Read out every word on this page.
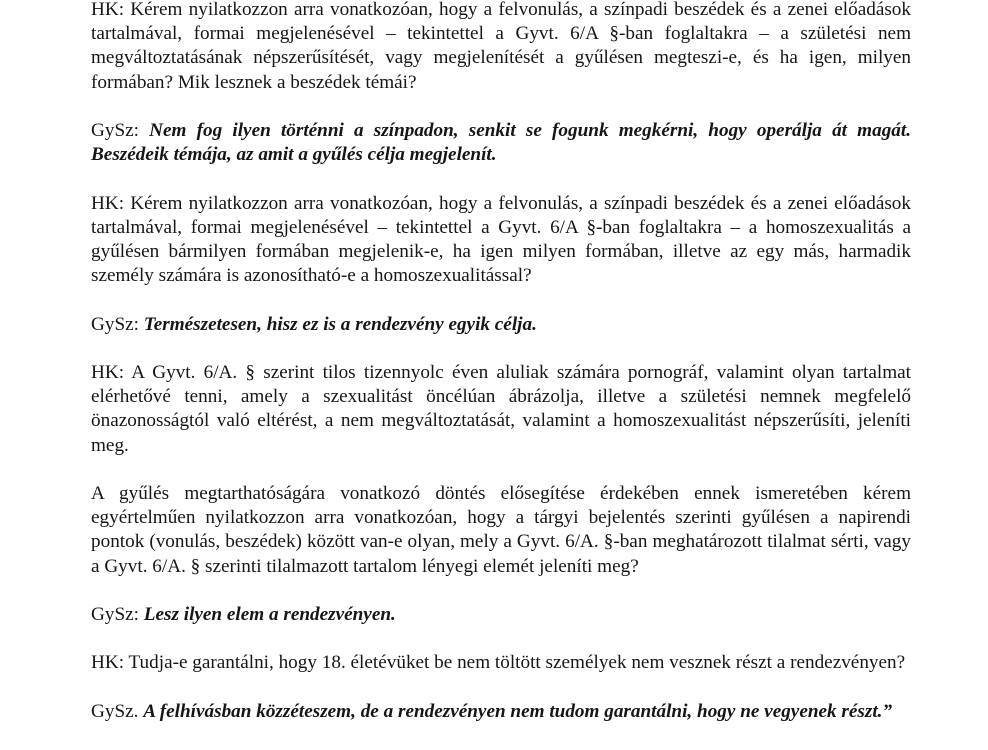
HK: Kérem nyilatkozzon arra vonatkozóan, hogy a felvonulás, a színpadi beszédek és a zenei előadások tartalmával, formai megjelenésével – tekintettel a Gyvt. 6/A §-ban foglaltakra – a születési nem megváltoztatásának népszerűsítését, vagy megjelenítését a gyűlésen megteszi-e, és ha igen, milyen formában? Mik lesznek a beszédek témái?

GySz: Nem fog ilyen történni a színpadon, senkit se fogunk megkérni, hogy operálja át magát. Beszédeik témája, az amit a gyűlés célja megjelenít.

HK: Kérem nyilatkozzon arra vonatkozóan, hogy a felvonulás, a színpadi beszédek és a zenei előadások tartalmával, formai megjelenésével – tekintettel a Gyvt. 6/A §-ban foglaltakra – a homoszexualitás a gyűlésen bármilyen formában megjelenik-e, ha igen milyen formában, illetve az egy más, harmadik személy számára is azonosítható-e a homoszexualitással?

GySz: Természetesen, hisz ez is a rendezvény egyik célja.

HK: A Gyvt. 6/A. § szerint tilos tizennyolc éven aluliak számára pornográf, valamint olyan tartalmat elérhetővé tenni, amely a szexualitást öncélúan ábrázolja, illetve a születési nemnek megfelelő önazonosságtól való eltérést, a nem megváltoztatását, valamint a homoszexualitást népszerűsíti, jeleníti meg.

A gyűlés megtarthatóságára vonatkozó döntés elősegítése érdekében ennek ismeretében kérem egyértelműen nyilatkozzon arra vonatkozóan, hogy a tárgyi bejelentés szerinti gyűlésen a napirendi pontok (vonulás, beszédek) között van-e olyan, mely a Gyvt. 6/A. §-ban meghatározott tilalmat sérti, vagy a Gyvt. 6/A. § szerinti tilalmazott tartalom lényegi elemét jeleníti meg?

GySz: Lesz ilyen elem a rendezvényen.

HK: Tudja-e garantálni, hogy 18. életévüket be nem töltött személyek nem vesznek részt a rendezvényen?

GySz. A felhívásban közzéteszem, de a rendezvényen nem tudom garantálni, hogy ne vegyenek részt.”
